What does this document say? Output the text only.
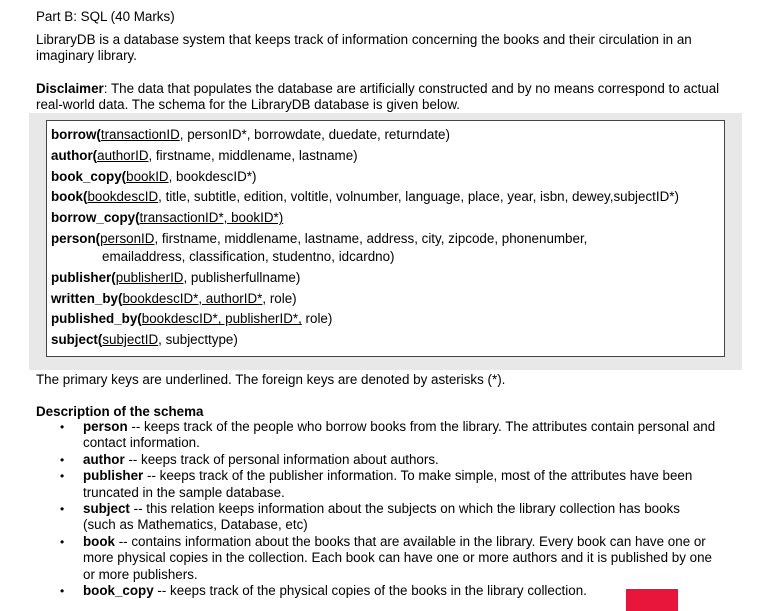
Part B: SQL (40 Marks)

LibraryDB is a database system that keeps track of information concerning the books and their circulation in an imaginary library.

Disclaimer: The data that populates the database are artificially constructed and by no means correspond to actual real-world data. The schema for the LibraryDB database is given below.

borrow(transactionID, personID*, borrowdate, duedate, returndate)
author(authorID, firstname, middlename, lastname)
book_copy(bookID, bookdescID*)
book(bookdescID, title, subtitle, edition, voltitle, volnumber, language, place, year, isbn, dewey,subjectID*)
borrow_copy(transactionID*, bookID*)
person(personID, firstname, middlename, lastname, address, city, zipcode, phonenumber,
emailaddress, classification, studentno, idcardno)
publisher(publisherID, publisherfullname)
written_by(bookdescID*, authorID*, role)
published_by(bookdescID*, publisherID*, role)
subject(subjectID, subjecttype)

The primary keys are underlined. The foreign keys are denoted by asterisks (*).

Description of the schema

• person -- keeps track of the people who borrow books from the library. The attributes contain personal and contact information.
• author -- keeps track of personal information about authors.
• publisher -- keeps track of the publisher information. To make simple, most of the attributes have been truncated in the sample database.
• subject -- this relation keeps information about the subjects on which the library collection has books (such as Mathematics, Database, etc)
• book -- contains information about the books that are available in the library. Every book can have one or more physical copies in the collection. Each book can have one or more authors and it is published by one or more publishers.
• book_copy -- keeps track of the physical copies of the books in the library collection.
